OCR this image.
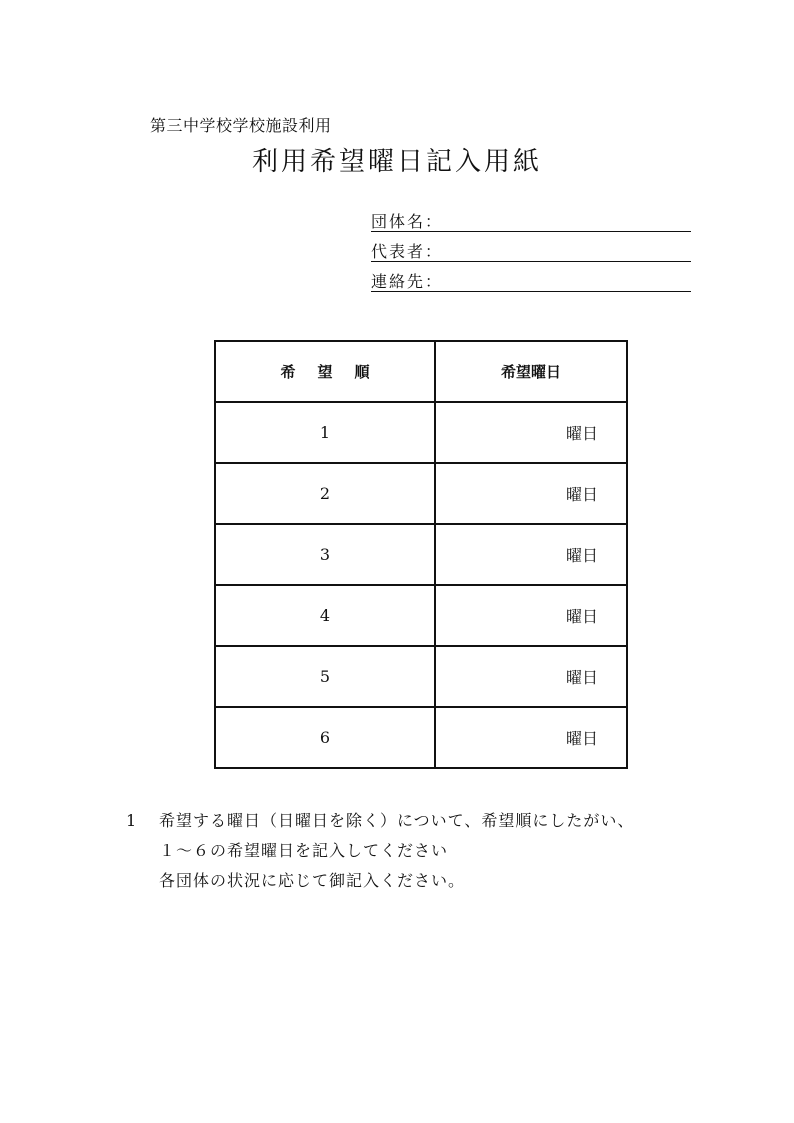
第三中学校学校施設利用
利用希望曜日記入用紙
団体名：
代表者：
連絡先：
希望順	希望曜日
1	曜日
2	曜日
3	曜日
4	曜日
5	曜日
6	曜日
1 希望する曜日（日曜日を除く）について、希望順にしたがい、
１～６の希望曜日を記入してください
各団体の状況に応じて御記入ください。
